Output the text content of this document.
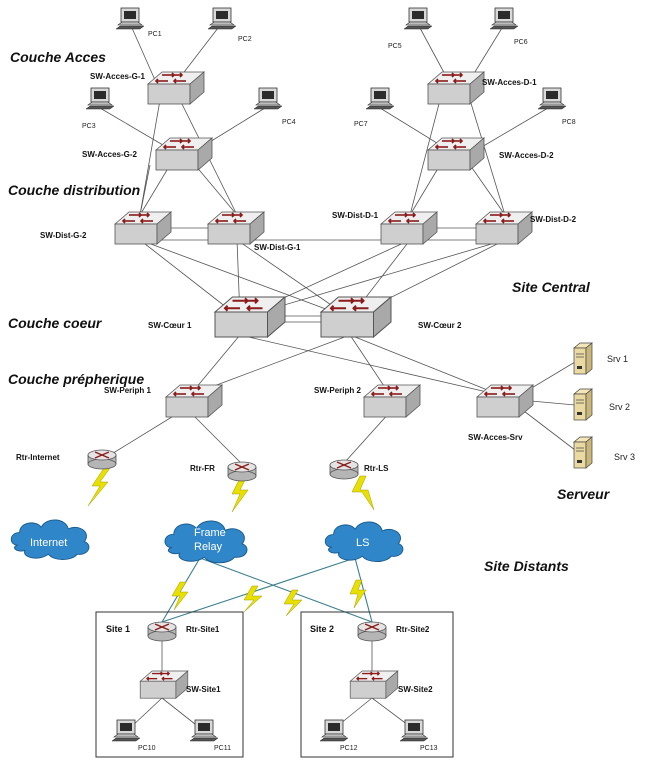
Couche Acces
Couche distribution
Couche coeur
Couche prépherique
Site Central
Serveur
Site Distants
Site 1	Site 2
SW-Acces-G-1
SW-Acces-G-2
SW-Acces-D-1
SW-Acces-D-2
SW-Dist-G-2
SW-Dist-G-1
SW-Dist-D-1	SW-Dist-D-2
SW-Cœur 1	SW-Cœur 2
SW-Periph 1	SW-Periph 2
SW-Acces-Srv
SW-Site1	SW-Site2
Rtr-Internet
Rtr-FR	Rtr-LS
Rtr-Site1	Rtr-Site2
Internet
Frame
Relay	LS
PC1
PC2
PC3
PC4
PC5
PC6
PC7	PC8
PC10	PC11	PC12	PC13
Srv 1
Srv 2
Srv 3
